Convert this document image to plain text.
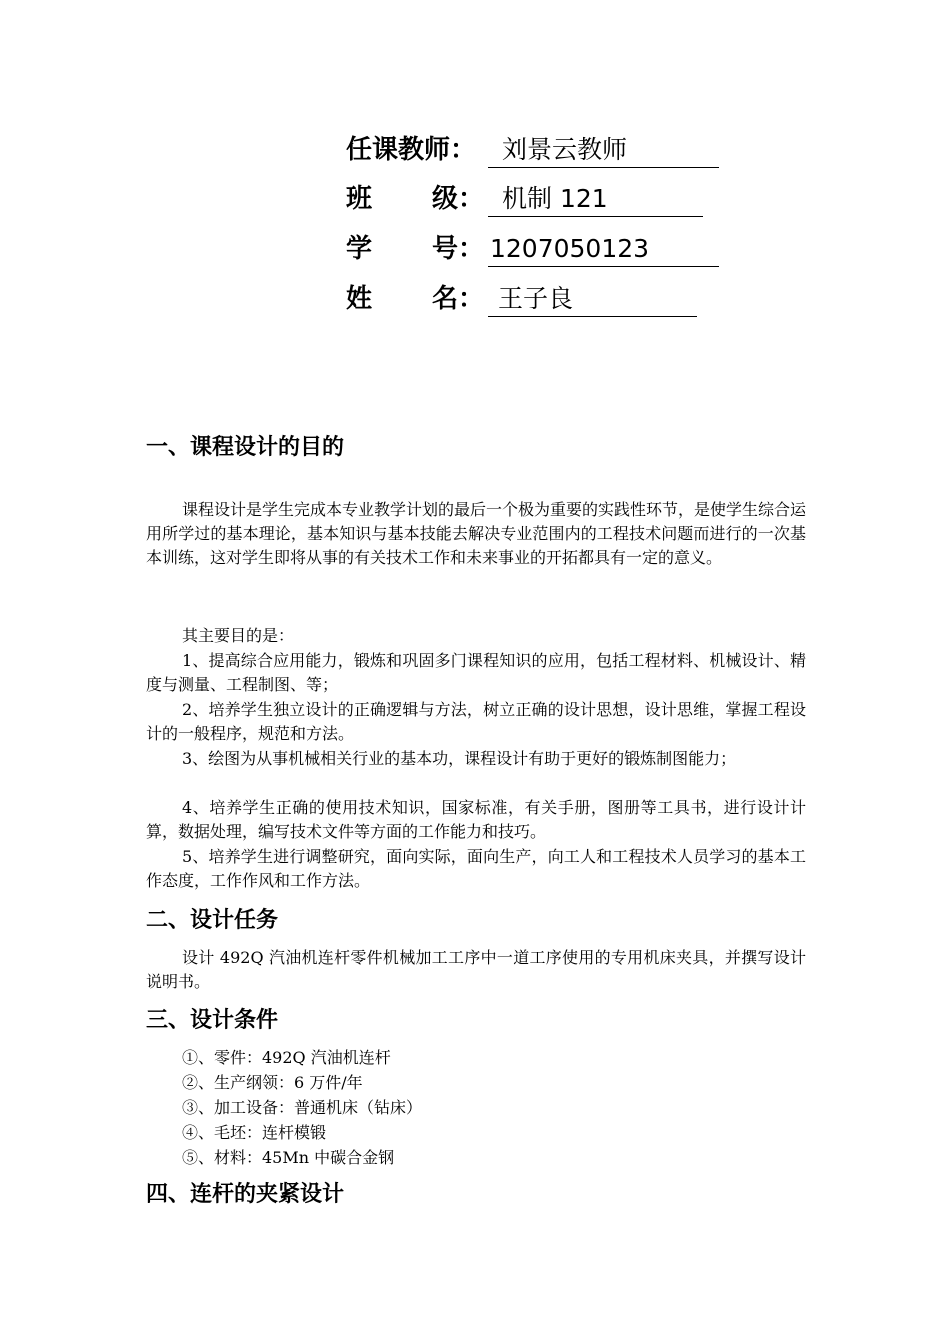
任课教师：	刘景云教师
班 级： 机制 121
学 号： 1207050123
姓 名： 王子良
一、课程设计的目的
课程设计是学生完成本专业教学计划的最后一个极为重要的实践性环节，是使学生综合运用所学过的基本理论，基本知识与基本技能去解决专业范围内的工程技术问题而进行的一次基本训练，这对学生即将从事的有关技术工作和未来事业的开拓都具有一定的意义。
其主要目的是：
1、提高综合应用能力，锻炼和巩固多门课程知识的应用，包括工程材料、机械设计、精度与测量、工程制图、等；
2、培养学生独立设计的正确逻辑与方法，树立正确的设计思想，设计思维，掌握工程设计的一般程序，规范和方法。
3、绘图为从事机械相关行业的基本功，课程设计有助于更好的锻炼制图能力；
4、培养学生正确的使用技术知识，国家标准，有关手册，图册等工具书，进行设计计算，数据处理，编写技术文件等方面的工作能力和技巧。
5、培养学生进行调整研究，面向实际，面向生产，向工人和工程技术人员学习的基本工作态度，工作作风和工作方法。
二、设计任务
设计 492Q 汽油机连杆零件机械加工工序中一道工序使用的专用机床夹具，并撰写设计说明书。
三、设计条件
①、零件：492Q 汽油机连杆
②、生产纲领：6 万件/年
③、加工设备：普通机床（钻床）
④、毛坯：连杆模锻
⑤、材料：45Mn 中碳合金钢
四、连杆的夹紧设计
